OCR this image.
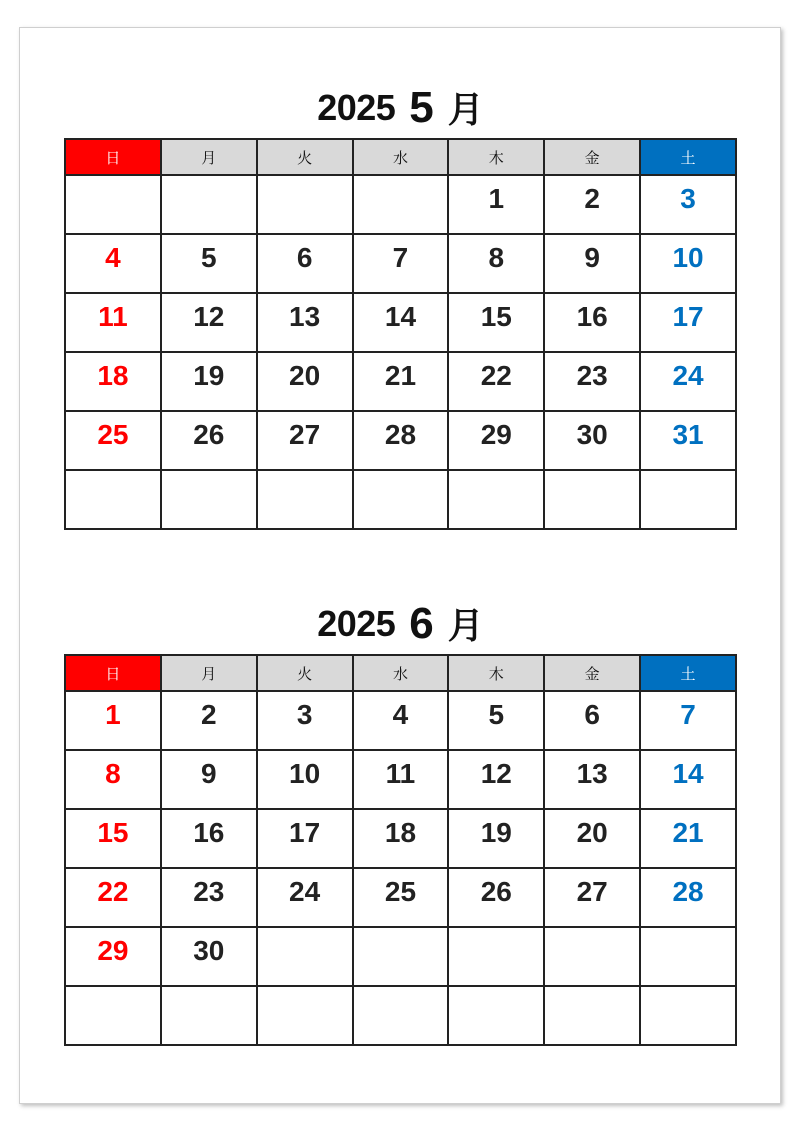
2025 5 月
日	月	火	水	木	金	土

				1	2	3

4	5	6	7	8	9	10

11	12	13	14	15	16	17

18	19	20	21	22	23	24

25	26	27	28	29	30	31

2025 6 月
日	月	火	水	木	金	土

1	2	3	4	5	6	7

8	9	10	11	12	13	14

15	16	17	18	19	20	21

22	23	24	25	26	27	28

29	30					
